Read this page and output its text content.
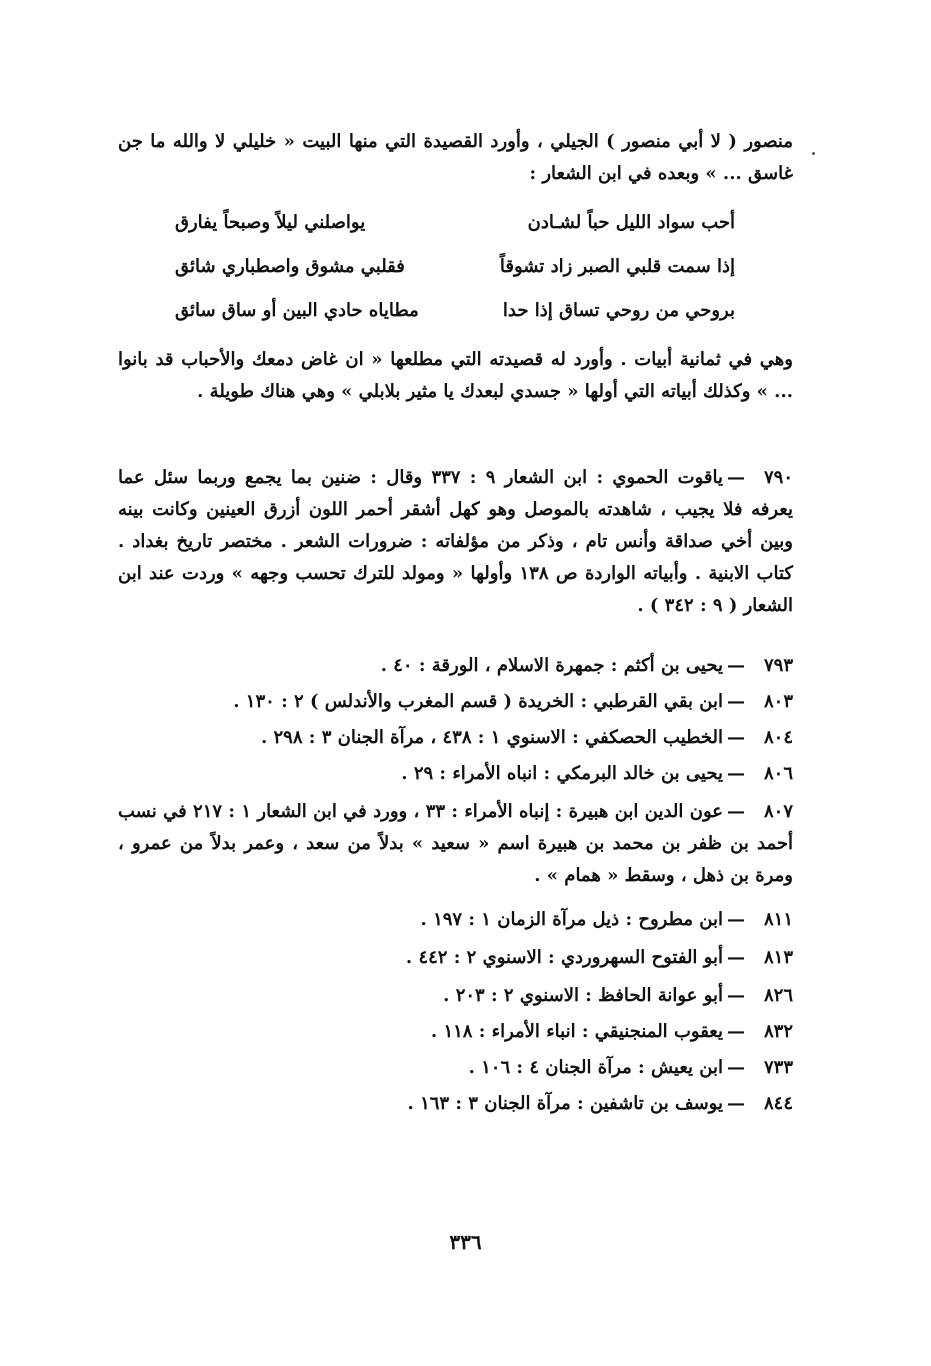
منصور ( لا أبي منصور ) الجيلي ، وأورد القصيدة التي منها البيت « خليلي لا والله ما جن غاسق ... » وبعده في ابن الشعار :
أحب سواد الليل حباً لشـادن
يواصلني ليلاً وصبحاً يفارق
إذا سمت قلبي الصبر زاد تشوقاً
فقلبي مشوق واصطباري شائق
بروحي من روحي تساق إذا حدا
مطاياه حادي البين أو ساق سائق
وهي في ثمانية أبيات . وأورد له قصيدته التي مطلعها « ان غاض دمعك والأحباب قد بانوا ... » وكذلك أبياته التي أولها « جسدي لبعدك يا مثير بلابلي » وهي هناك طويلة .
٧٩٠
—
ياقوت الحموي : ابن الشعار ٩ : ٣٣٧ وقال : ضنين بما يجمع وربما سئل عما يعرفه فلا يجيب ، شاهدته بالموصل وهو كهل أشقر أحمر اللون أزرق العينين وكانت بينه وبين أخي صداقة وأنس تام ، وذكر من مؤلفاته : ضرورات الشعر . مختصر تاريخ بغداد . كتاب الابنية . وأبياته الواردة ص ١٣٨ وأولها « ومولد للترك تحسب وجهه » وردت عند ابن الشعار ( ٩ : ٣٤٢ ) .
٧٩٣—يحيى بن أكثم : جمهرة الاسلام ، الورقة : ٤٠ .
٨٠٣—ابن بقي القرطبي : الخريدة ( قسم المغرب والأندلس ) ٢ : ١٣٠ .
٨٠٤—الخطيب الحصكفي : الاسنوي ١ : ٤٣٨ ، مرآة الجنان ٣ : ٢٩٨ .
٨٠٦—يحيى بن خالد البرمكي : انباه الأمراء : ٢٩ .
٨٠٧
—
عون الدين ابن هبيرة : إنباه الأمراء : ٣٣ ، وورد في ابن الشعار ١ : ٢١٧ في نسب أحمد بن ظفر بن محمد بن هبيرة اسم « سعيد » بدلاً من سعد ، وعمر بدلاً من عمرو ، ومرة بن ذهل ، وسقط « همام » .
٨١١—ابن مطروح : ذيل مرآة الزمان ١ : ١٩٧ .
٨١٣—أبو الفتوح السهروردي : الاسنوي ٢ : ٤٤٢ .
٨٢٦—أبو عوانة الحافظ : الاسنوي ٢ : ٢٠٣ .
٨٣٢—يعقوب المنجنيقي : انباء الأمراء : ١١٨ .
٧٣٣—ابن يعيش : مرآة الجنان ٤ : ١٠٦ .
٨٤٤—يوسف بن تاشفين : مرآة الجنان ٣ : ١٦٣ .
٣٣٦
